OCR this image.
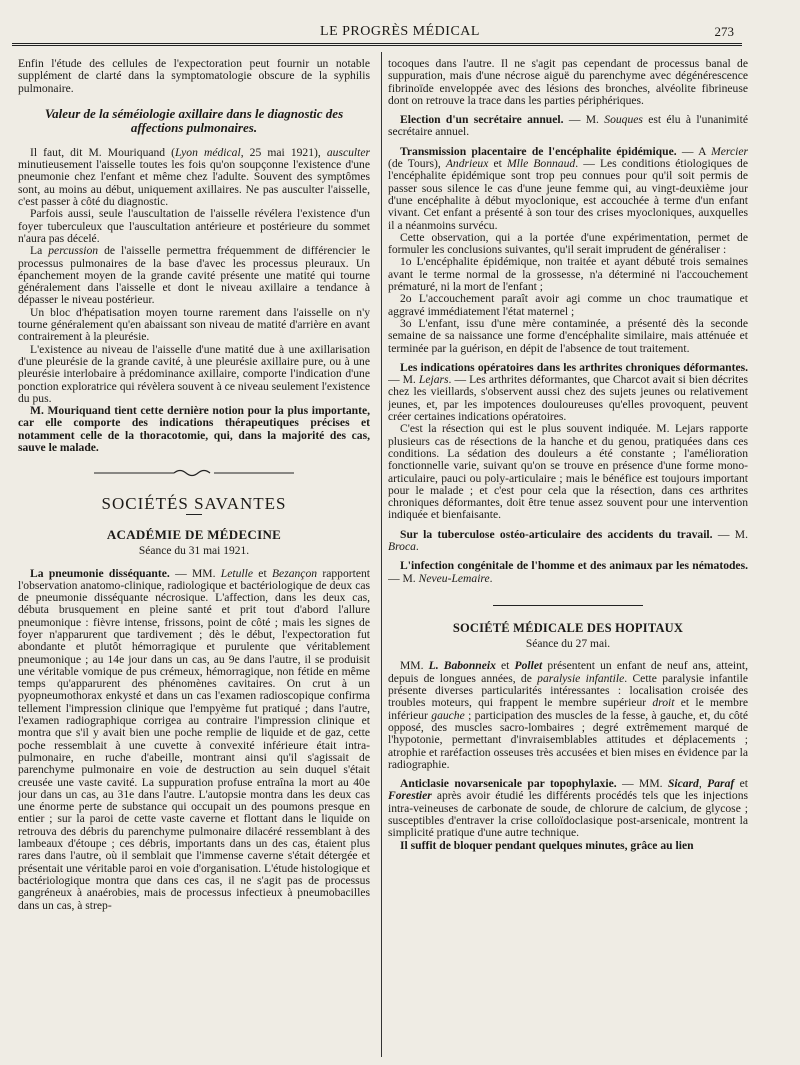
LE PROGRÈS MÉDICAL	273

Enfin l'étude des cellules de l'expectoration peut fournir un notable supplément de clarté dans la symptomatologie obscure de la syphilis pulmonaire.

Valeur de la séméiologie axillaire dans le diagnostic des affections pulmonaires.

Il faut, dit M. Mouriquand (Lyon médical, 25 mai 1921), ausculter minutieusement l'aisselle toutes les fois qu'on soupçonne l'existence d'une pneumonie chez l'enfant et même chez l'adulte. Souvent des symptômes sont, au moins au début, uniquement axillaires. Ne pas ausculter l'aisselle, c'est passer à côté du diagnostic.

Parfois aussi, seule l'auscultation de l'aisselle révélera l'existence d'un foyer tuberculeux que l'auscultation antérieure et postérieure du sommet n'aura pas décelé.

La percussion de l'aisselle permettra fréquemment de différencier le processus pulmonaires de la base d'avec les processus pleuraux. Un épanchement moyen de la grande cavité présente une matité qui tourne généralement dans l'aisselle et dont le niveau axillaire a tendance à dépasser le niveau postérieur.

Un bloc d'hépatisation moyen tourne rarement dans l'aisselle on n'y tourne généralement qu'en abaissant son niveau de matité d'arrière en avant contrairement à la pleurésie.

L'existence au niveau de l'aisselle d'une matité due à une axillarisation d'une pleurésie de la grande cavité, à une pleurésie axillaire pure, ou à une pleurésie interlobaire à prédominance axillaire, comporte l'indication d'une ponction exploratrice qui révèlera souvent à ce niveau seulement l'existence du pus.

M. Mouriquand tient cette dernière notion pour la plus importante, car elle comporte des indications thérapeutiques précises et notamment celle de la thoracotomie, qui, dans la majorité des cas, sauve le malade.

SOCIÉTÉS SAVANTES
ACADÉMIE DE MÉDECINE
Séance du 31 mai 1921.

La pneumonie disséquante. — MM. Letulle et Bezançon rapportent l'observation anatomo-clinique, radiologique et bactériologique de deux cas de pneumonie disséquante nécrosique. L'affection, dans les deux cas, débuta brusquement en pleine santé et prit tout d'abord l'allure pneumonique : fièvre intense, frissons, point de côté ; mais les signes de foyer n'apparurent que tardivement ; dès le début, l'expectoration fut abondante et plutôt hémorragique et purulente que véritablement pneumonique ; au 14e jour dans un cas, au 9e dans l'autre, il se produisit une véritable vomique de pus crémeux, hémorragique, non fétide en même temps qu'apparurent des phénomènes cavitaires. On crut à un pyopneumothorax enkysté et dans un cas l'examen radioscopique confirma tellement l'impression clinique que l'empyème fut pratiqué ; dans l'autre, l'examen radiographique corrigea au contraire l'impression clinique et montra que s'il y avait bien une poche remplie de liquide et de gaz, cette poche ressemblait à une cuvette à convexité inférieure était intra-pulmonaire, en ruche d'abeille, montrant ainsi qu'il s'agissait de parenchyme pulmonaire en voie de destruction au sein duquel s'était creusée une vaste cavité. La suppuration profuse entraîna la mort au 40e jour dans un cas, au 31e dans l'autre. L'autopsie montra dans les deux cas une énorme perte de substance qui occupait un des poumons presque en entier ; sur la paroi de cette vaste caverne et flottant dans le liquide on retrouva des débris du parenchyme pulmonaire dilacéré ressemblant à des lambeaux d'étoupe ; ces débris, importants dans un des cas, étaient plus rares dans l'autre, où il semblait que l'immense caverne s'était détergée et présentait une véritable paroi en voie d'organisation. L'étude histologique et bactériologique montra que dans ces cas, il ne s'agit pas de processus gangréneux à anaérobies, mais de processus infectieux à pneumobacilles dans un cas, à strep-

tocoques dans l'autre. Il ne s'agit pas cependant de processus banal de suppuration, mais d'une nécrose aiguë du parenchyme avec dégénérescence fibrinoïde enveloppée avec des lésions des bronches, alvéolite fibrineuse dont on retrouve la trace dans les parties périphériques.

Election d'un secrétaire annuel. — M. Souques est élu à l'unanimité secrétaire annuel.

Transmission placentaire de l'encéphalite épidémique. — A Mercier (de Tours), Andrieux et Mlle Bonnaud. — Les conditions étiologiques de l'encéphalite épidémique sont trop peu connues pour qu'il soit permis de passer sous silence le cas d'une jeune femme qui, au vingt-deuxième jour d'une encéphalite à début myoclonique, est accouchée à terme d'un enfant vivant. Cet enfant a présenté à son tour des crises myocloniques, auxquelles il a néanmoins survécu.

Cette observation, qui a la portée d'une expérimentation, permet de formuler les conclusions suivantes, qu'il serait imprudent de généraliser :

1o L'encéphalite épidémique, non traitée et ayant débuté trois semaines avant le terme normal de la grossesse, n'a déterminé ni l'accouchement prématuré, ni la mort de l'enfant ;

2o L'accouchement paraît avoir agi comme un choc traumatique et aggravé immédiatement l'état maternel ;

3o L'enfant, issu d'une mère contaminée, a présenté dès la seconde semaine de sa naissance une forme d'encéphalite similaire, mais atténuée et terminée par la guérison, en dépit de l'absence de tout traitement.

Les indications opératoires dans les arthrites chroniques déformantes. — M. Lejars. — Les arthrites déformantes, que Charcot avait si bien décrites chez les vieillards, s'observent aussi chez des sujets jeunes ou relativement jeunes, et, par les impotences douloureuses qu'elles provoquent, peuvent créer certaines indications opératoires.

C'est la résection qui est le plus souvent indiquée. M. Lejars rapporte plusieurs cas de résections de la hanche et du genou, pratiquées dans ces conditions. La sédation des douleurs a été constante ; l'amélioration fonctionnelle varie, suivant qu'on se trouve en présence d'une forme mono-articulaire, pauci ou poly-articulaire ; mais le bénéfice est toujours important pour le malade ; et c'est pour cela que la résection, dans ces arthrites chroniques déformantes, doit être tenue assez souvent pour une intervention indiquée et bienfaisante.

Sur la tuberculose ostéo-articulaire des accidents du travail. — M. Broca.

L'infection congénitale de l'homme et des animaux par les nématodes. — M. Neveu-Lemaire.

SOCIÉTÉ MÉDICALE DES HOPITAUX
Séance du 27 mai.

MM. L. Babonneix et Pollet présentent un enfant de neuf ans, atteint, depuis de longues années, de paralysie infantile. Cette paralysie infantile présente diverses particularités intéressantes : localisation croisée des troubles moteurs, qui frappent le membre supérieur droit et le membre inférieur gauche ; participation des muscles de la fesse, à gauche, et, du côté opposé, des muscles sacro-lombaires ; degré extrêmement marqué de l'hypotonie, permettant d'invraisemblables attitudes et déplacements ; atrophie et raréfaction osseuses très accusées et bien mises en évidence par la radiographie.

Anticlasie novarsenicale par topophylaxie. — MM. Sicard, Paraf et Forestier après avoir étudié les différents procédés tels que les injections intra-veineuses de carbonate de soude, de chlorure de calcium, de glycose ; susceptibles d'entraver la crise colloïdoclasique post-arsenicale, montrent la simplicité pratique d'une autre technique.

Il suffit de bloquer pendant quelques minutes, grâce au lien
